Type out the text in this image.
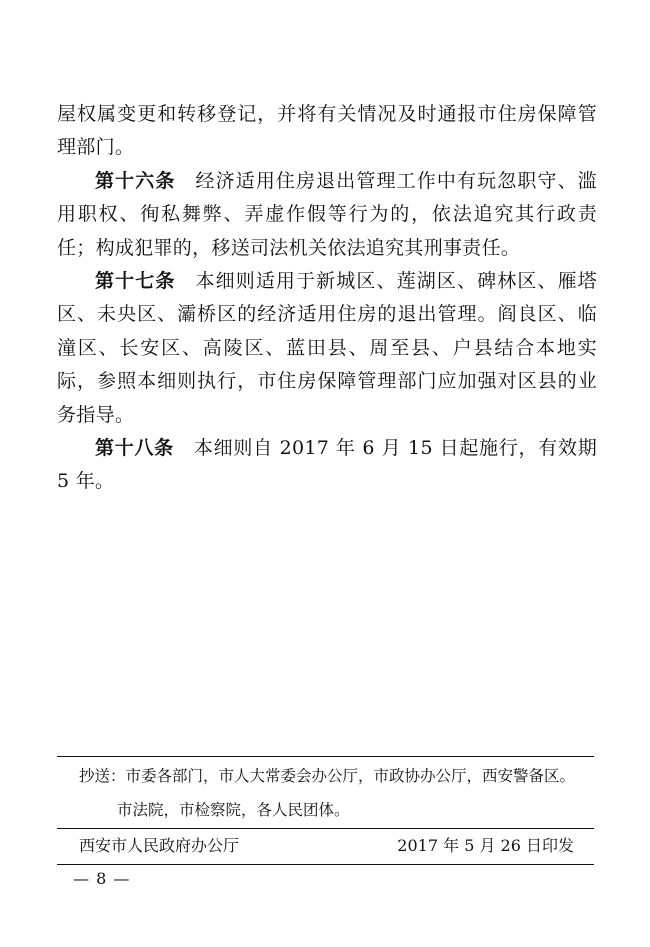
屋权属变更和转移登记，并将有关情况及时通报市住房保障管理部门。

第十六条 经济适用住房退出管理工作中有玩忽职守、滥用职权、徇私舞弊、弄虚作假等行为的，依法追究其行政责任；构成犯罪的，移送司法机关依法追究其刑事责任。

第十七条 本细则适用于新城区、莲湖区、碑林区、雁塔区、未央区、灞桥区的经济适用住房的退出管理。阎良区、临潼区、长安区、高陵区、蓝田县、周至县、户县结合本地实际，参照本细则执行，市住房保障管理部门应加强对区县的业务指导。

第十八条 本细则自 2017 年 6 月 15 日起施行，有效期 5 年。

抄送：市委各部门，市人大常委会办公厅，市政协办公厅，西安警备区。
市法院，市检察院，各人民团体。
西安市人民政府办公厅	2017 年 5 月 26 日印发
— 8 —
